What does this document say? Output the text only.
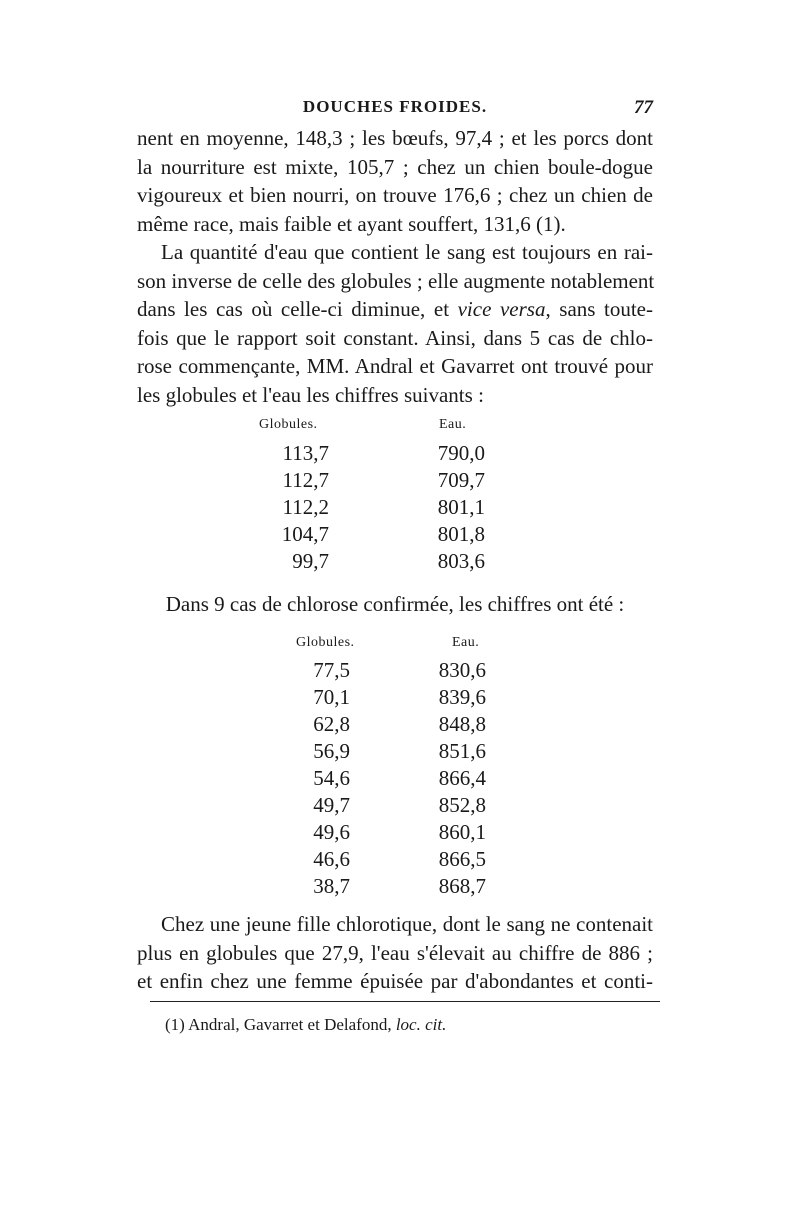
DOUCHES FROIDES.	77
nent en moyenne, 148,3 ; les bœufs, 97,4 ; et les porcs dont
la nourriture est mixte, 105,7 ; chez un chien boule-dogue
vigoureux et bien nourri, on trouve 176,6 ; chez un chien de
même race, mais faible et ayant souffert, 131,6 (1).
La quantité d'eau que contient le sang est toujours en rai-
son inverse de celle des globules ; elle augmente notablement
dans les cas où celle-ci diminue, et vice versa, sans toute-
fois que le rapport soit constant. Ainsi, dans 5 cas de chlo-
rose commençante, MM. Andral et Gavarret ont trouvé pour
les globules et l'eau les chiffres suivants :
Globules.	Eau.
113,7	790,0
112,7	709,7
112,2	801,1
104,7	801,8
99,7	803,6
Dans 9 cas de chlorose confirmée, les chiffres ont été :
Globules.	Eau.
77,5	830,6
70,1	839,6
62,8	848,8
56,9	851,6
54,6	866,4
49,7	852,8
49,6	860,1
46,6	866,5
38,7	868,7
Chez une jeune fille chlorotique, dont le sang ne contenait
plus en globules que 27,9, l'eau s'élevait au chiffre de 886 ;
et enfin chez une femme épuisée par d'abondantes et conti-
(1) Andral, Gavarret et Delafond, loc. cit.
